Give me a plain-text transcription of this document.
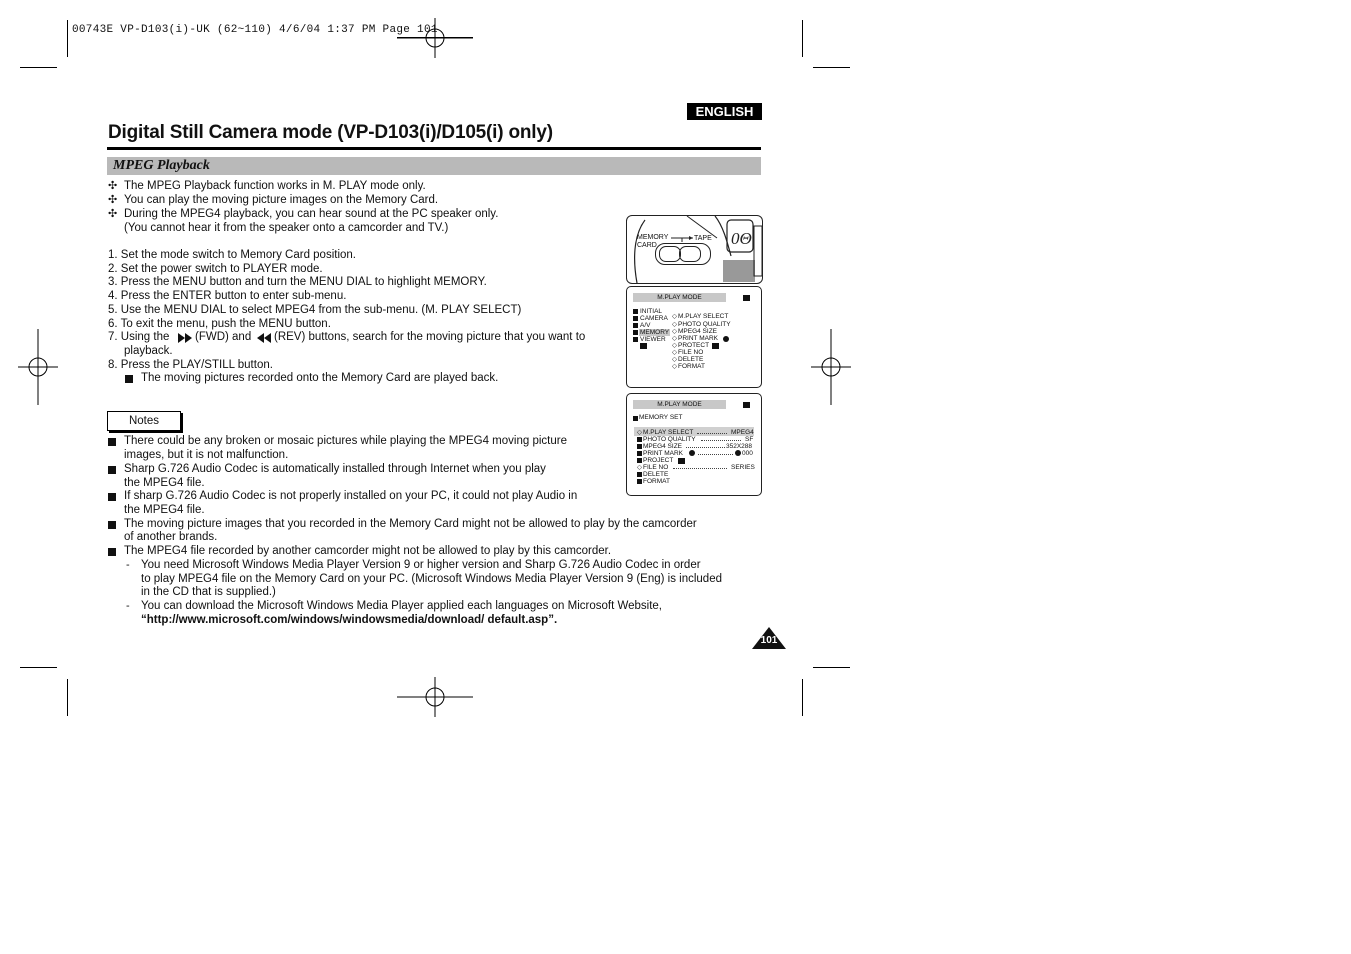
00743E VP-D103(i)-UK (62~110) 4/6/04 1:37 PM Page 101
ENGLISH
Digital Still Camera mode (VP-D103(i)/D105(i) only)
MPEG Playback
✣ The MPEG Playback function works in M. PLAY mode only.
✣ You can play the moving picture images on the Memory Card.
✣ During the MPEG4 playback, you can hear sound at the PC speaker only.
(You cannot hear it from the speaker onto a camcorder and TV.)
1. Set the mode switch to Memory Card position.
2. Set the power switch to PLAYER mode.
3. Press the MENU button and turn the MENU DIAL to highlight MEMORY.
4. Press the ENTER button to enter sub-menu.
5. Use the MENU DIAL to select MPEG4 from the sub-menu. (M. PLAY SELECT)
6. To exit the menu, push the MENU button.
7. Using the (FWD) and (REV) buttons, search for the moving picture that you want to
playback.
8. Press the PLAY/STILL button.
The moving pictures recorded onto the Memory Card are played back.
Notes
There could be any broken or mosaic pictures while playing the MPEG4 moving picture
images, but it is not malfunction.
Sharp G.726 Audio Codec is automatically installed through Internet when you play
the MPEG4 file.
If sharp G.726 Audio Codec is not properly installed on your PC, it could not play Audio in
the MPEG4 file.
The moving picture images that you recorded in the Memory Card might not be allowed to play by the camcorder
of another brands.
The MPEG4 file recorded by another camcorder might not be allowed to play by this camcorder.
- You need Microsoft Windows Media Player Version 9 or higher version and Sharp G.726 Audio Codec in order
to play MPEG4 file on the Memory Card on your PC. (Microsoft Windows Media Player Version 9 (Eng) is included
in the CD that is supplied.)
- You can download the Microsoft Windows Media Player applied each languages on Microsoft Website,
“http://www.microsoft.com/windows/windowsmedia/download/ default.asp”.
0Θ
MEMORY
CARD
TAPE
M.PLAY MODE
INITIAL
CAMERA
A/V
MEMORY
VIEWER
◇ M.PLAY SELECT
◇ PHOTO QUALITY
◇ MPEG4 SIZE
◇ PRINT MARK
◇ PROTECT
◇ FILE NO
◇ DELETE
◇ FORMAT
M.PLAY MODE
MEMORY SET
◇ M.PLAY SELECT	MPEG4
PHOTO QUALITY	SF
MPEG4 SIZE	352X288
PRINT MARK	000
PROJECT
◇ FILE NO	SERIES
DELETE
FORMAT
101
